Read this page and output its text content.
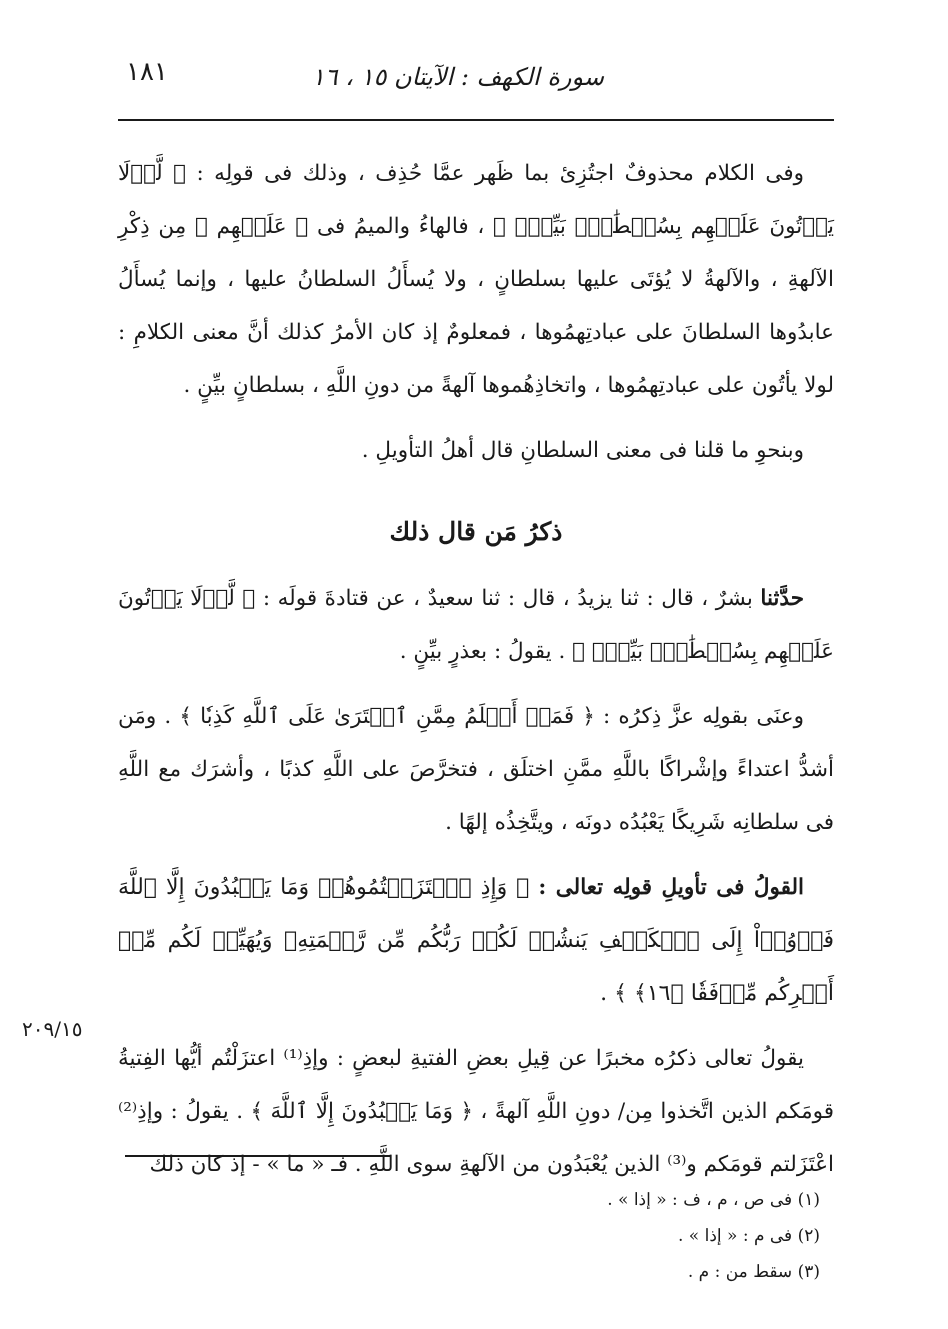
سورة الكهف : الآيتان ١٥ ، ١٦
١٨١

وفى الكلام محذوفٌ اجتُزِئ بما ظَهر عمَّا حُذِف ، وذلك فى قولِه : ﴿ لَّوۡلَا يَأۡتُونَ عَلَيۡهِم بِسُلۡطَٰنِۭ بَيِّنٖۖ ﴾ ، فالهاءُ والميمُ فى ﴿ عَلَيۡهِم ﴾ مِن ذِكْرِ الآلهةِ ، والآلهةُ لا يُؤتَى عليها بسلطانٍ ، ولا يُسأَلُ السلطانُ عليها ، وإنما يُسأَلُ عابدُوها السلطانَ على عبادتِهمُوها ، فمعلومٌ إذ كان الأمرُ كذلك أنَّ معنى الكلامِ : لولا يأتُون على عبادتِهمُوها ، واتخاذِهُموها آلهةً من دونِ اللَّهِ ، بسلطانٍ بيِّنٍ .

وبنحوِ ما قلنا فى معنى السلطانِ قال أهلُ التأويلِ .

ذكرُ مَن قال ذلك

حدَّثنا بشرٌ ، قال : ثنا يزيدُ ، قال : ثنا سعيدٌ ، عن قتادةَ قولَه : ﴿ لَّوۡلَا يَأۡتُونَ عَلَيۡهِم بِسُلۡطَٰنِۭ بَيِّنٖۖ ﴾ . يقولُ : بعذرٍ بيِّنٍ .

وعنَى بقولِه عزَّ ذِكرُه : ﴿ فَمَنۡ أَظۡلَمُ مِمَّنِ ٱفۡتَرَىٰ عَلَى ٱللَّهِ كَذِبٗا ﴾ . ومَن أشدُّ اعتداءً وإشْراكًا باللَّهِ ممَّنِ اختلَق ، فتخرَّصَ على اللَّهِ كذبًا ، وأشرَك مع اللَّهِ فى سلطانِه شَرِيكًا يَعْبُدُه دونَه ، ويتَّخِذُه إلهًا .

القولُ فى تأويلِ قولِه تعالى : ﴿ وَإِذِ ٱعۡتَزَلۡتُمُوهُمۡ وَمَا يَعۡبُدُونَ إِلَّا ٱللَّهَ فَأۡوُۥٓاْ إِلَى ٱلۡكَهۡفِ يَنشُرۡ لَكُمۡ رَبُّكُم مِّن رَّحۡمَتِهِۦ وَيُهَيِّئۡ لَكُم مِّنۡ أَمۡرِكُم مِّرۡفَقٗا ﴿١٦﴾ ﴾ .

يقولُ تعالى ذكرُه مخبرًا عن قِيلِ بعضِ الفتيةِ لبعضٍ : وإذِ⁽¹⁾ اعتزَلْتُم أيُّها الفِتيةُ قومَكم الذين اتَّخذوا مِن/ دونِ اللَّهِ آلهةً ، ﴿ وَمَا يَعۡبُدُونَ إِلَّا ٱللَّهَ ﴾ . يقولُ : وإذِ⁽²⁾ اعْتَزَلتم قومَكم و⁽³⁾ الذين يُعْبَدُون من الآلهةِ سوى اللَّهِ . فـ « ما » - إذ كان ذلك

٢٠٩/١٥
(١) فى ص ، م ، ف : « إذا » .
(٢) فى م : « إذا » .
(٣) سقط من : م .
